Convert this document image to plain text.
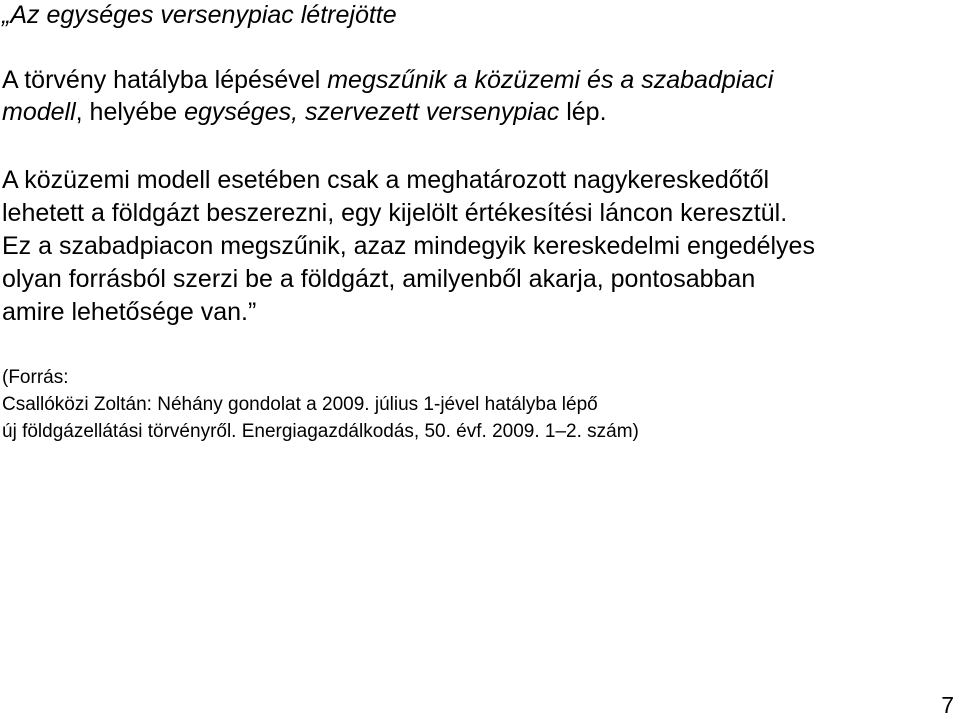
„Az egységes versenypiac létrejötte
A törvény hatályba lépésével megszűnik a közüzemi és a szabadpiaci
modell, helyébe egységes, szervezett versenypiac lép.
A közüzemi modell esetében csak a meghatározott nagykereskedőtől
lehetett a földgázt beszerezni, egy kijelölt értékesítési láncon keresztül.
Ez a szabadpiacon megszűnik, azaz mindegyik kereskedelmi engedélyes
olyan forrásból szerzi be a földgázt, amilyenből akarja, pontosabban
amire lehetősége van.”
(Forrás:
Csallóközi Zoltán: Néhány gondolat a 2009. július 1-jével hatályba lépő
új földgázellátási törvényről. Energiagazdálkodás, 50. évf. 2009. 1–2. szám)
7
